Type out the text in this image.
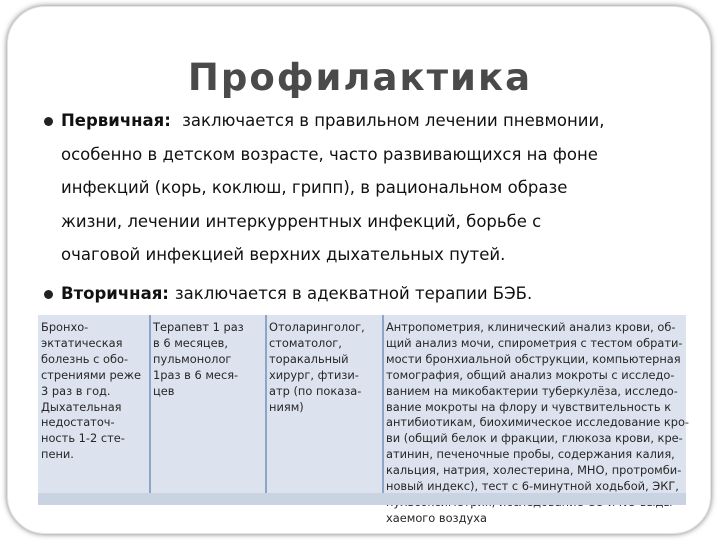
Профилактика
Первичная: заключается в правильном лечении пневмонии,
особенно в детском возрасте, часто развивающихся на фоне
инфекций (корь, коклюш, грипп), в рациональном образе
жизни, лечении интеркуррентных инфекций, борьбе с
очаговой инфекцией верхних дыхательных путей.
Вторичная: заключается в адекватной терапии БЭБ.
Бронхо-
эктатическая
болезнь с обо-
стрениями реже
3 раз в год.
Дыхательная
недостаточ-
ность 1-2 сте-
пени.
Терапевт 1 раз
в 6 месяцев,
пульмонолог
1раз в 6 меся-
цев
Отоларинголог,
стоматолог,
торакальный
хирург, фтизи-
атр (по показа-
ниям)
Антропометрия, клинический анализ крови, об-
щий анализ мочи, спирометрия с тестом обрати-
мости бронхиальной обструкции, компьютерная
томография, общий анализ мокроты с исследо-
ванием на микобактерии туберкулёза, исследо-
вание мокроты на флору и чувствительность к
антибиотикам, биохимическое исследование кро-
ви (общий белок и фракции, глюкоза крови, кре-
атинин, печеночные пробы, содержания калия,
кальция, натрия, холестерина, МНО, протромби-
новый индекс), тест с 6-минутной ходьбой, ЭКГ,
хаемого воздуха
